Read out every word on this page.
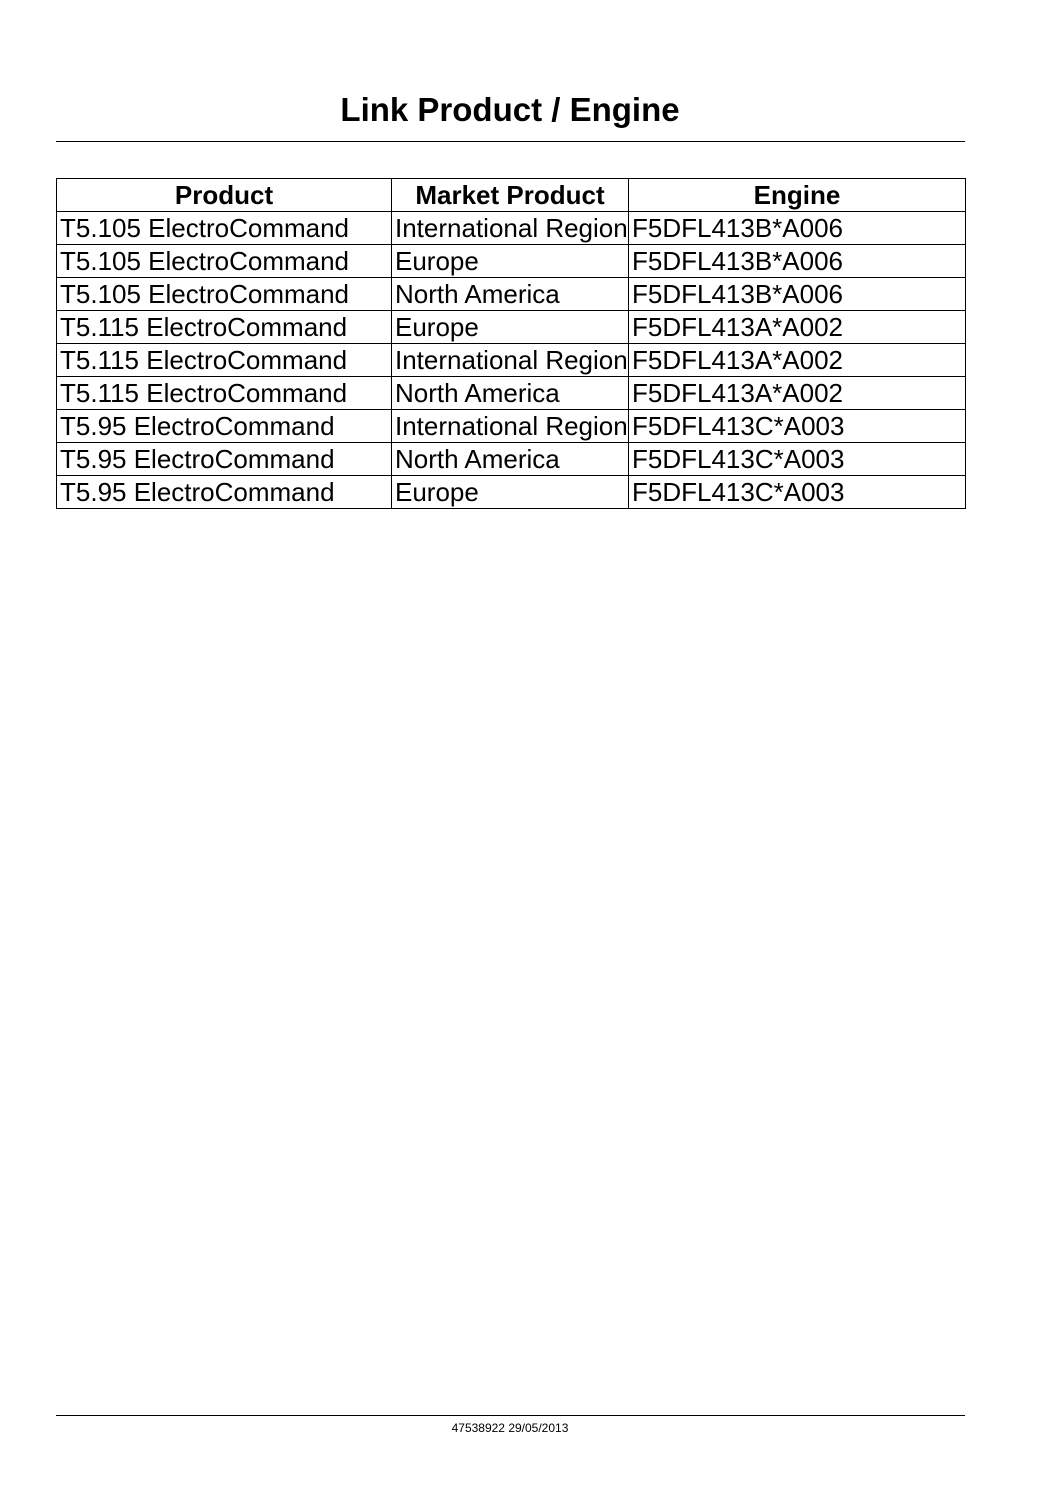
Link Product / Engine
Product	Market Product	Engine
T5.105 ElectroCommand	International Region	F5DFL413B*A006
T5.105 ElectroCommand	Europe	F5DFL413B*A006
T5.105 ElectroCommand	North America	F5DFL413B*A006
T5.115 ElectroCommand	Europe	F5DFL413A*A002
T5.115 ElectroCommand	International Region	F5DFL413A*A002
T5.115 ElectroCommand	North America	F5DFL413A*A002
T5.95 ElectroCommand	International Region	F5DFL413C*A003
T5.95 ElectroCommand	North America	F5DFL413C*A003
T5.95 ElectroCommand	Europe	F5DFL413C*A003
47538922 29/05/2013
